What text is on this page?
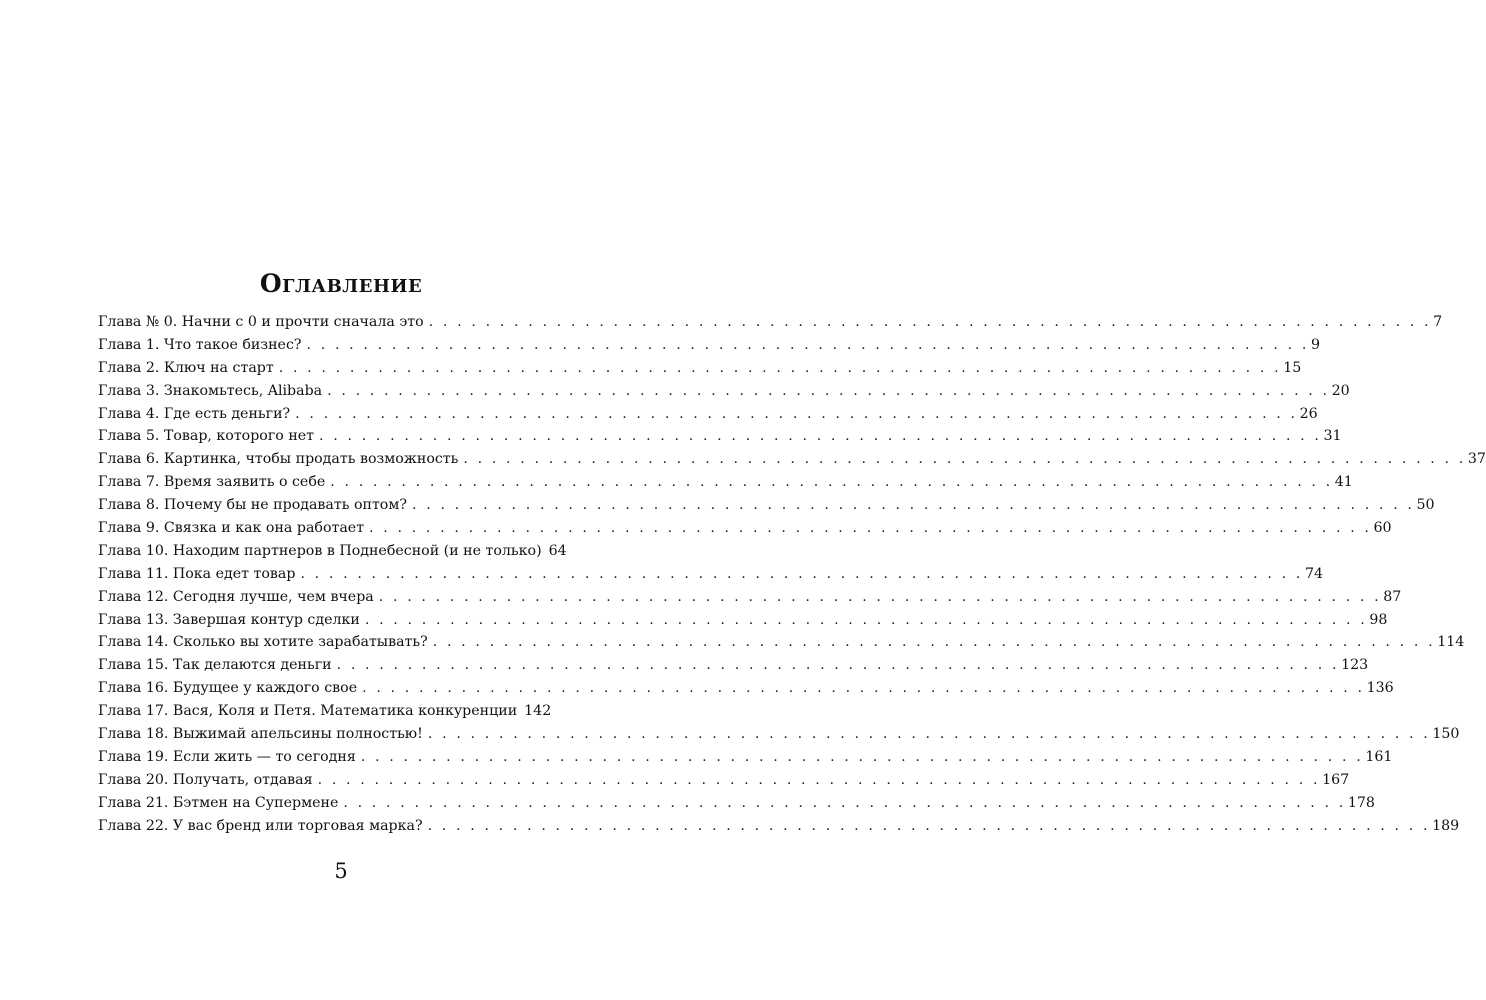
Оглавление
Глава № 0. Начни с 0 и прочти сначала это . . .	7
Глава 1. Что такое бизнес? . . .	9
Глава 2. Ключ на старт . . .	15
Глава 3. Знакомьтесь, Alibaba . . .	20
Глава 4. Где есть деньги? . . .	26
Глава 5. Товар, которого нет . . .	31
Глава 6. Картинка, чтобы продать возможность . . .	37
Глава 7. Время заявить о себе . . .	41
Глава 8. Почему бы не продавать оптом? . . .	50
Глава 9. Связка и как она работает . . .	60
Глава 10. Находим партнеров в Поднебесной (и не только) 64
Глава 11. Пока едет товар . . .	74
Глава 12. Сегодня лучше, чем вчера . . .	87
Глава 13. Завершая контур сделки . . .	98
Глава 14. Сколько вы хотите зарабатывать? . . .	114
Глава 15. Так делаются деньги . . .	123
Глава 16. Будущее у каждого свое . . .	136
Глава 17. Вася, Коля и Петя. Математика конкуренции 142
Глава 18. Выжимай апельсины полностью! . . .	150
Глава 19. Если жить — то сегодня . . .	161
Глава 20. Получать, отдавая . . .	167
Глава 21. Бэтмен на Супермене . . .	178
Глава 22. У вас бренд или торговая марка? . . .	189
5
